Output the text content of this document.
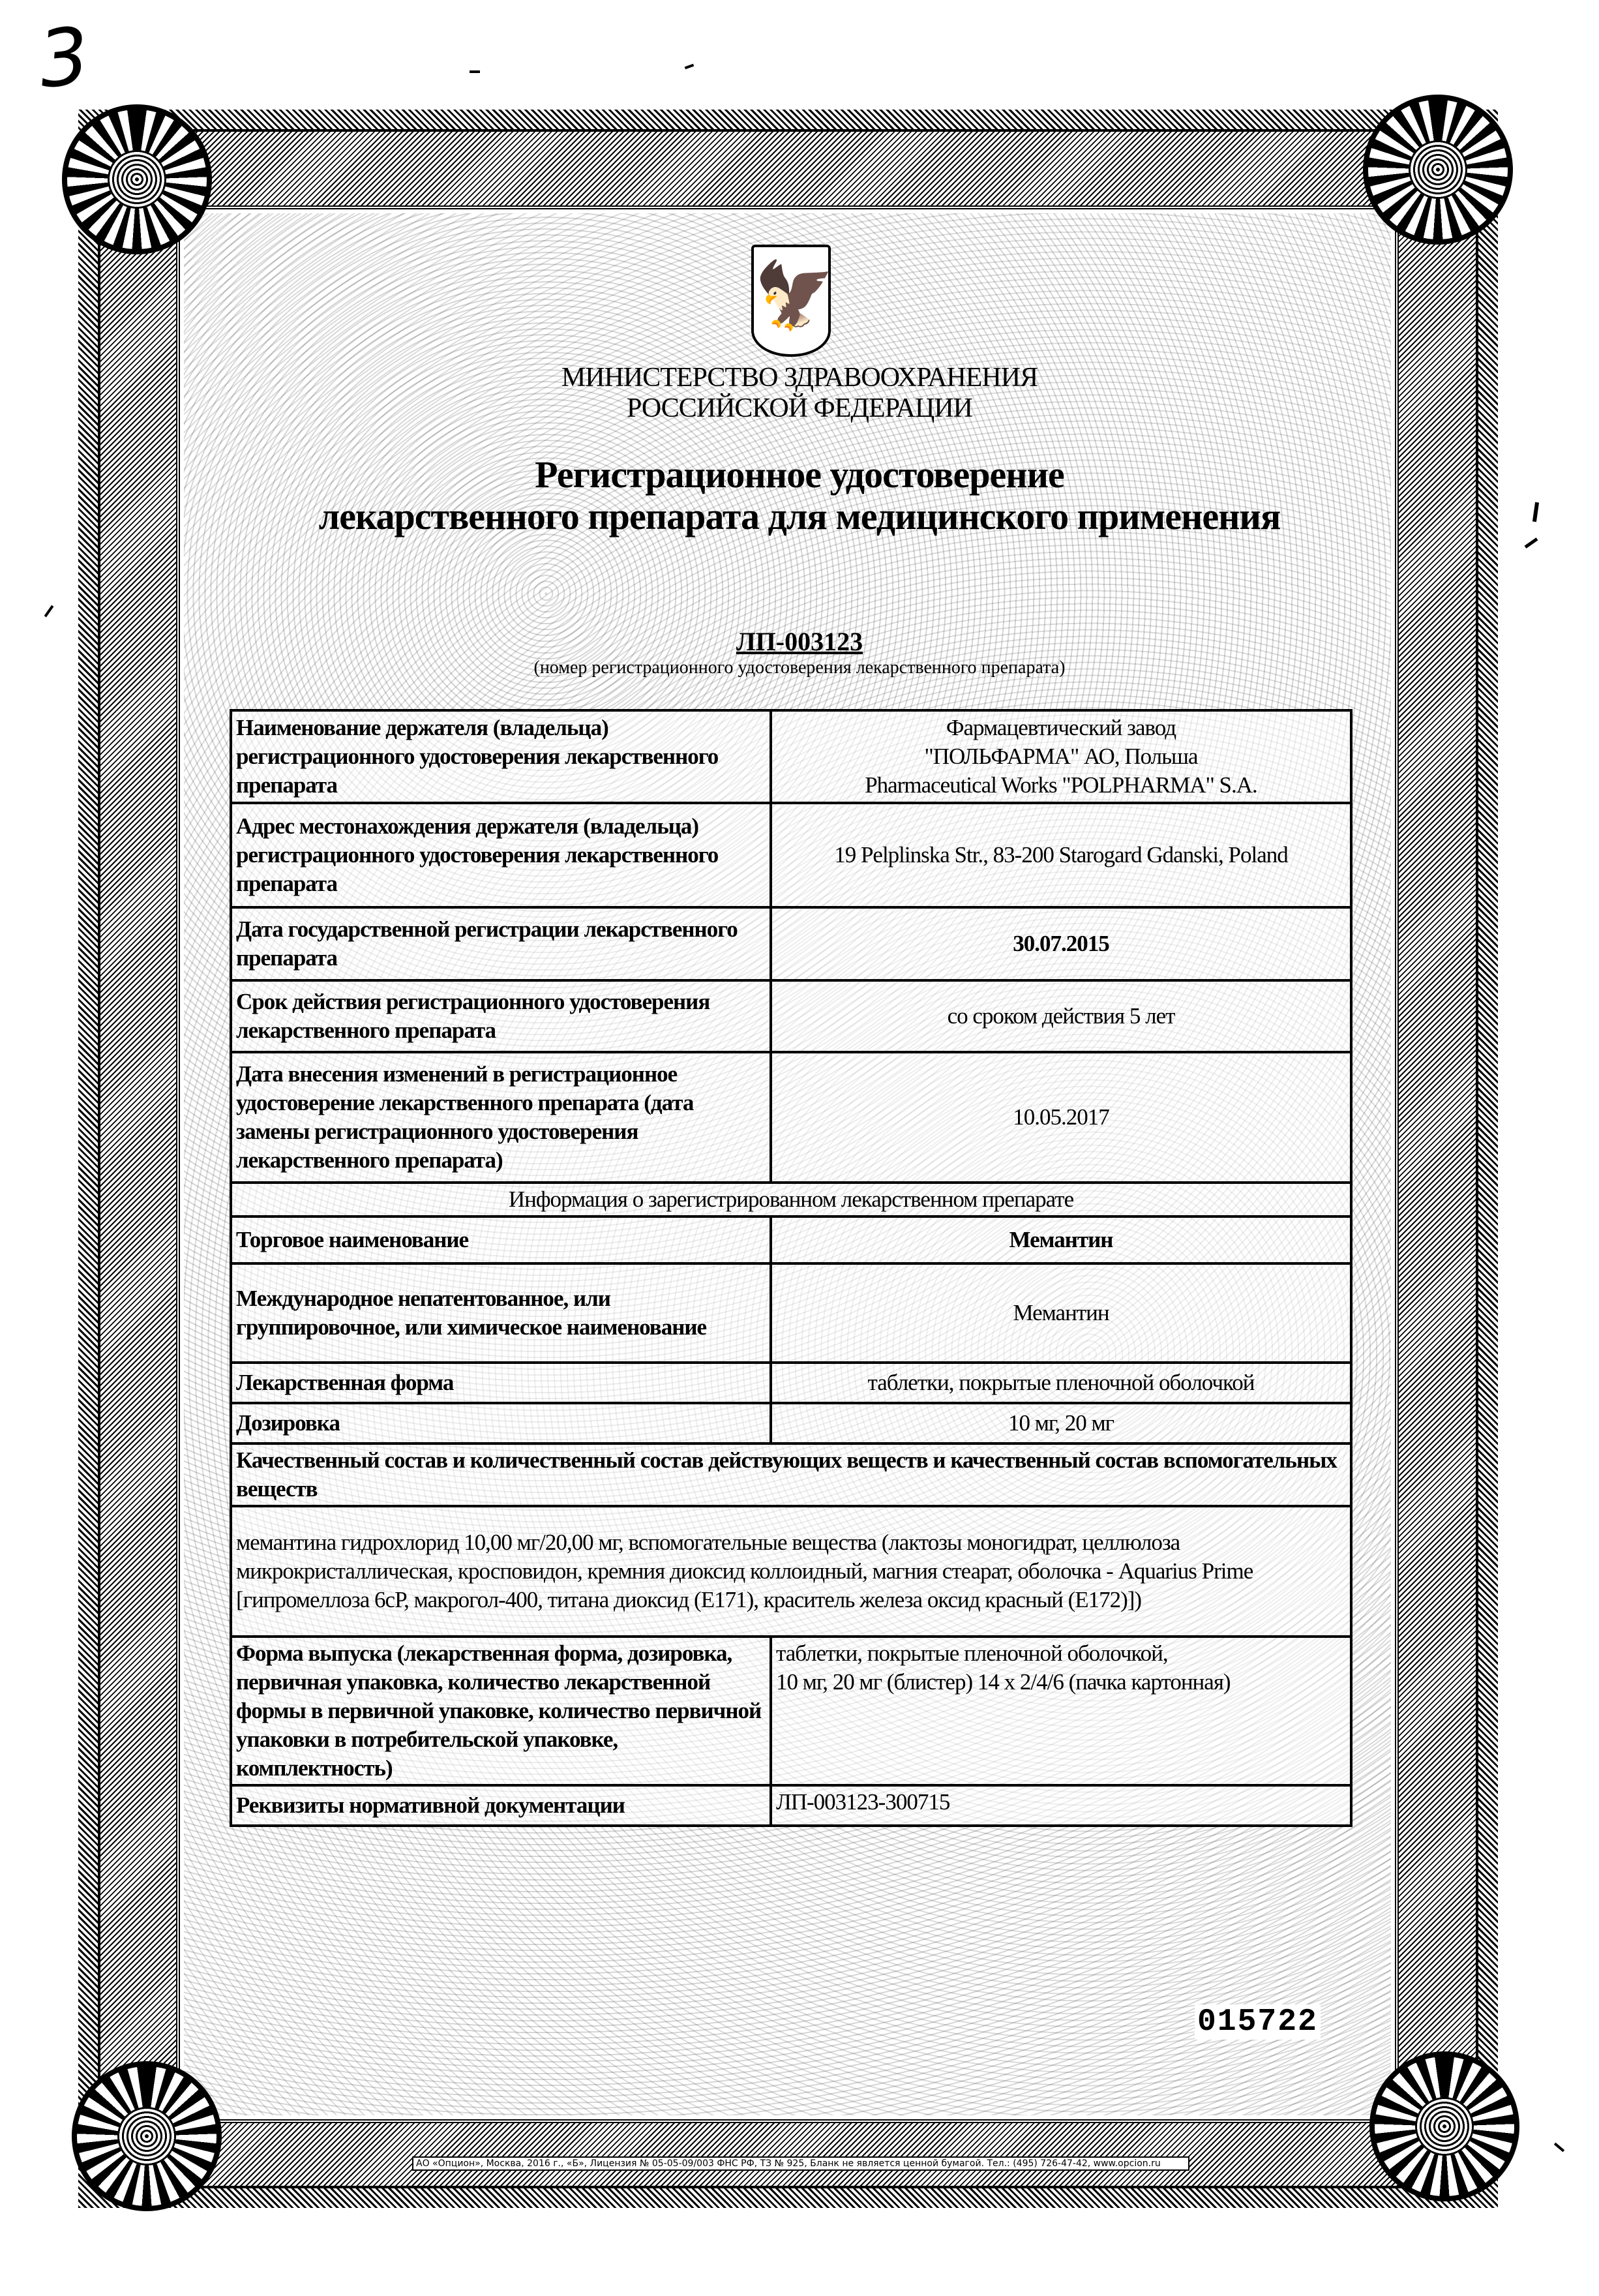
3
🦅
МИНИСТЕРСТВО ЗДРАВООХРАНЕНИЯ
РОССИЙСКОЙ ФЕДЕРАЦИИ
Регистрационное удостоверение
лекарственного препарата для медицинского применения
ЛП-003123
(номер регистрационного удостоверения лекарственного препарата)
Наименование держателя (владельца) регистрационного удостоверения лекарственного препарата	Фармацевтический завод
"ПОЛЬФАРМА" АО, Польша
Pharmaceutical Works "POLPHARMA" S.A.

Адрес местонахождения держателя (владельца) регистрационного удостоверения лекарственного препарата	19 Pelplinska Str., 83-200 Starogard Gdanski, Poland
Дата государственной регистрации лекарственного препарата	30.07.2015
Срок действия регистрационного удостоверения лекарственного препарата	со сроком действия 5 лет
Дата внесения изменений в регистрационное удостоверение лекарственного препарата (дата замены регистрационного удостоверения лекарственного препарата)	10.05.2017
Информация о зарегистрированном лекарственном препарате	
Торговое наименование	Мемантин
Международное непатентованное, или группировочное, или химическое наименование	Мемантин
Лекарственная форма	таблетки, покрытые пленочной оболочкой
Дозировка	10 мг, 20 мг
Качественный состав и количественный состав действующих веществ и качественный состав вспомогательных веществ	
мемантина гидрохлорид 10,00 мг/20,00 мг, вспомогательные вещества (лактозы моногидрат, целлюлоза микрокристаллическая, кросповидон, кремния диоксид коллоидный, магния стеарат, оболочка - Aquarius Prime [гипромеллоза 6сР, макрогол-400, титана диоксид (Е171), краситель железа оксид красный (Е172)])	
Форма выпуска (лекарственная форма, дозировка, первичная упаковка, количество лекарственной формы в первичной упаковке, количество первичной упаковки в потребительской упаковке, комплектность)	таблетки, покрытые пленочной оболочкой,
10 мг, 20 мг (блистер) 14 х 2/4/6 (пачка картонная)

Реквизиты нормативной документации	ЛП-003123-300715
015722
АО «Опцион», Москва, 2016 г., «Б», Лицензия № 05-05-09/003 ФНС РФ, ТЗ № 925, Бланк не является ценной бумагой. Тел.: (495) 726-47-42, www.opcion.ru
